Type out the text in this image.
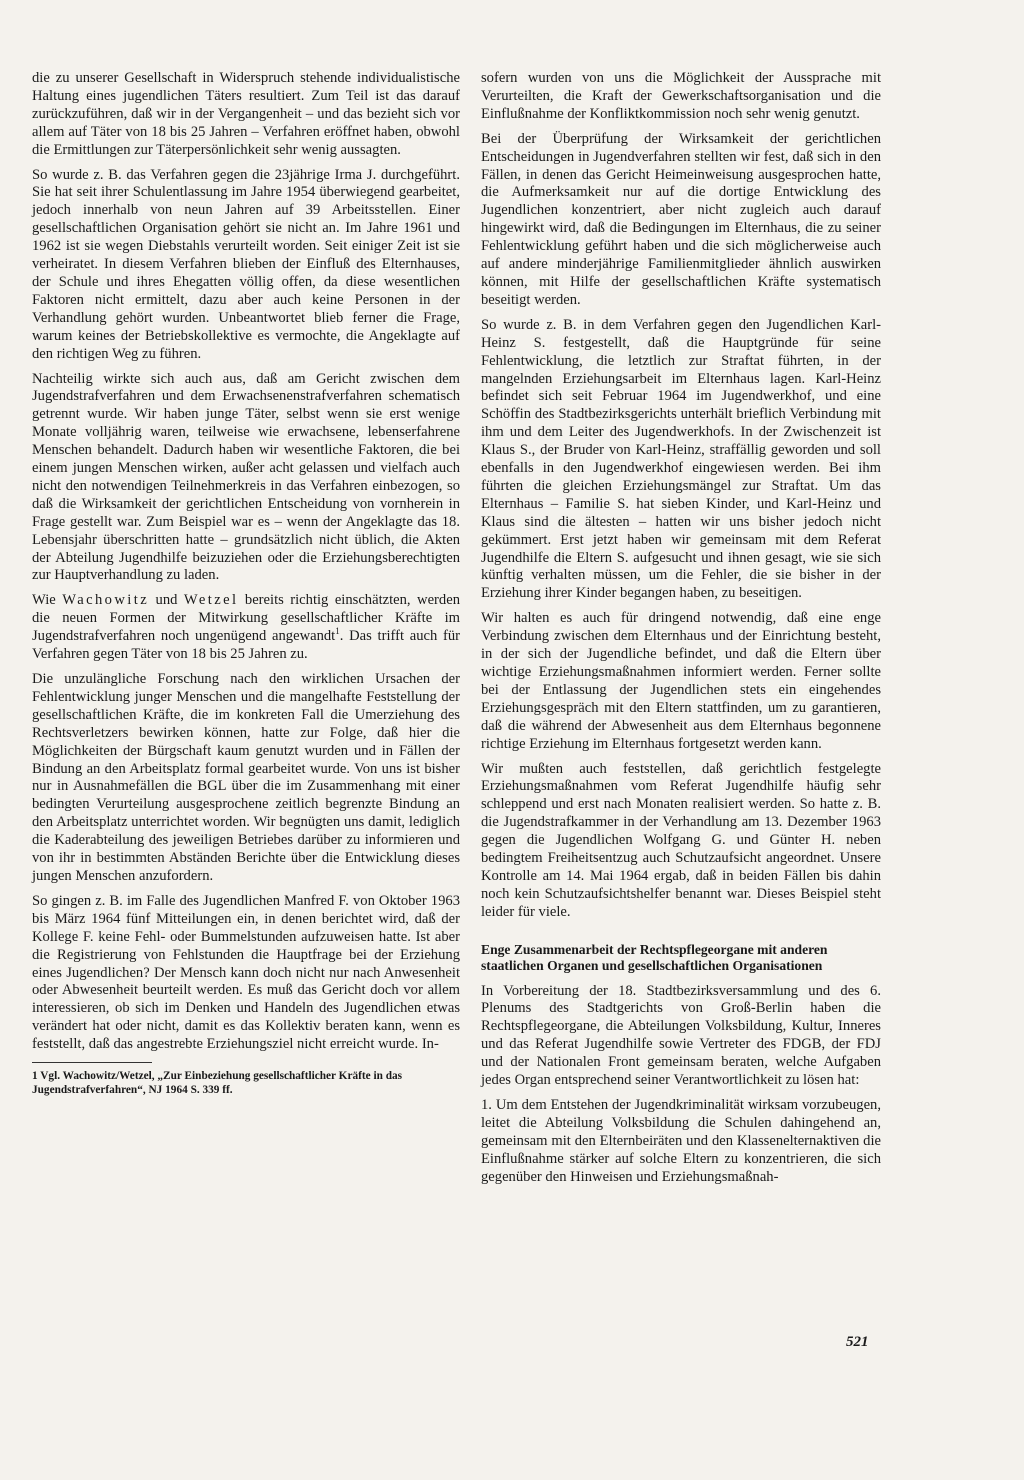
die zu unserer Gesellschaft in Widerspruch stehende individualistische Haltung eines jugendlichen Täters resultiert. Zum Teil ist das darauf zurückzuführen, daß wir in der Vergangenheit – und das bezieht sich vor allem auf Täter von 18 bis 25 Jahren – Verfahren eröffnet haben, obwohl die Ermittlungen zur Täterpersönlichkeit sehr wenig aussagten.

So wurde z. B. das Verfahren gegen die 23jährige Irma J. durchgeführt. Sie hat seit ihrer Schulentlassung im Jahre 1954 überwiegend gearbeitet, jedoch innerhalb von neun Jahren auf 39 Arbeitsstellen. Einer gesellschaftlichen Organisation gehört sie nicht an. Im Jahre 1961 und 1962 ist sie wegen Diebstahls verurteilt worden. Seit einiger Zeit ist sie verheiratet. In diesem Verfahren blieben der Einfluß des Elternhauses, der Schule und ihres Ehegatten völlig offen, da diese wesentlichen Faktoren nicht ermittelt, dazu aber auch keine Personen in der Verhandlung gehört wurden. Unbeantwortet blieb ferner die Frage, warum keines der Betriebskollektive es vermochte, die Angeklagte auf den richtigen Weg zu führen.

Nachteilig wirkte sich auch aus, daß am Gericht zwischen dem Jugendstrafverfahren und dem Erwachsenenstrafverfahren schematisch getrennt wurde. Wir haben junge Täter, selbst wenn sie erst wenige Monate volljährig waren, teilweise wie erwachsene, lebenserfahrene Menschen behandelt. Dadurch haben wir wesentliche Faktoren, die bei einem jungen Menschen wirken, außer acht gelassen und vielfach auch nicht den notwendigen Teilnehmerkreis in das Verfahren einbezogen, so daß die Wirksamkeit der gerichtlichen Entscheidung von vornherein in Frage gestellt war. Zum Beispiel war es – wenn der Angeklagte das 18. Lebensjahr überschritten hatte – grundsätzlich nicht üblich, die Akten der Abteilung Jugendhilfe beizuziehen oder die Erziehungsberechtigten zur Hauptverhandlung zu laden.

Wie Wachowitz und Wetzel bereits richtig einschätzten, werden die neuen Formen der Mitwirkung gesellschaftlicher Kräfte im Jugendstrafverfahren noch ungenügend angewandt$^1$. Das trifft auch für Verfahren gegen Täter von 18 bis 25 Jahren zu.

Die unzulängliche Forschung nach den wirklichen Ursachen der Fehlentwicklung junger Menschen und die mangelhafte Feststellung der gesellschaftlichen Kräfte, die im konkreten Fall die Umerziehung des Rechtsverletzers bewirken können, hatte zur Folge, daß hier die Möglichkeiten der Bürgschaft kaum genutzt wurden und in Fällen der Bindung an den Arbeitsplatz formal gearbeitet wurde. Von uns ist bisher nur in Ausnahmefällen die BGL über die im Zusammenhang mit einer bedingten Verurteilung ausgesprochene zeitlich begrenzte Bindung an den Arbeitsplatz unterrichtet worden. Wir begnügten uns damit, lediglich die Kaderabteilung des jeweiligen Betriebes darüber zu informieren und von ihr in bestimmten Abständen Berichte über die Entwicklung dieses jungen Menschen anzufordern.

So gingen z. B. im Falle des Jugendlichen Manfred F. von Oktober 1963 bis März 1964 fünf Mitteilungen ein, in denen berichtet wird, daß der Kollege F. keine Fehl- oder Bummelstunden aufzuweisen hatte. Ist aber die Registrierung von Fehlstunden die Hauptfrage bei der Erziehung eines Jugendlichen? Der Mensch kann doch nicht nur nach Anwesenheit oder Abwesenheit beurteilt werden. Es muß das Gericht doch vor allem interessieren, ob sich im Denken und Handeln des Jugendlichen etwas verändert hat oder nicht, damit es das Kollektiv beraten kann, wenn es feststellt, daß das angestrebte Erziehungsziel nicht erreicht wurde. In-

1 Vgl. Wachowitz/Wetzel, „Zur Einbeziehung gesellschaftlicher Kräfte in das Jugendstrafverfahren“, NJ 1964 S. 339 ff.

sofern wurden von uns die Möglichkeit der Aussprache mit Verurteilten, die Kraft der Gewerkschaftsorganisation und die Einflußnahme der Konfliktkommission noch sehr wenig genutzt.

Bei der Überprüfung der Wirksamkeit der gerichtlichen Entscheidungen in Jugendverfahren stellten wir fest, daß sich in den Fällen, in denen das Gericht Heimeinweisung ausgesprochen hatte, die Aufmerksamkeit nur auf die dortige Entwicklung des Jugendlichen konzentriert, aber nicht zugleich auch darauf hingewirkt wird, daß die Bedingungen im Elternhaus, die zu seiner Fehlentwicklung geführt haben und die sich möglicherweise auch auf andere minderjährige Familienmitglieder ähnlich auswirken können, mit Hilfe der gesellschaftlichen Kräfte systematisch beseitigt werden.

So wurde z. B. in dem Verfahren gegen den Jugendlichen Karl-Heinz S. festgestellt, daß die Hauptgründe für seine Fehlentwicklung, die letztlich zur Straftat führten, in der mangelnden Erziehungsarbeit im Elternhaus lagen. Karl-Heinz befindet sich seit Februar 1964 im Jugendwerkhof, und eine Schöffin des Stadtbezirksgerichts unterhält brieflich Verbindung mit ihm und dem Leiter des Jugendwerkhofs. In der Zwischenzeit ist Klaus S., der Bruder von Karl-Heinz, straffällig geworden und soll ebenfalls in den Jugendwerkhof eingewiesen werden. Bei ihm führten die gleichen Erziehungsmängel zur Straftat. Um das Elternhaus – Familie S. hat sieben Kinder, und Karl-Heinz und Klaus sind die ältesten – hatten wir uns bisher jedoch nicht gekümmert. Erst jetzt haben wir gemeinsam mit dem Referat Jugendhilfe die Eltern S. aufgesucht und ihnen gesagt, wie sie sich künftig verhalten müssen, um die Fehler, die sie bisher in der Erziehung ihrer Kinder begangen haben, zu beseitigen.

Wir halten es auch für dringend notwendig, daß eine enge Verbindung zwischen dem Elternhaus und der Einrichtung besteht, in der sich der Jugendliche befindet, und daß die Eltern über wichtige Erziehungsmaßnahmen informiert werden. Ferner sollte bei der Entlassung der Jugendlichen stets ein eingehendes Erziehungsgespräch mit den Eltern stattfinden, um zu garantieren, daß die während der Abwesenheit aus dem Elternhaus begonnene richtige Erziehung im Elternhaus fortgesetzt werden kann.

Wir mußten auch feststellen, daß gerichtlich festgelegte Erziehungsmaßnahmen vom Referat Jugendhilfe häufig sehr schleppend und erst nach Monaten realisiert werden. So hatte z. B. die Jugendstrafkammer in der Verhandlung am 13. Dezember 1963 gegen die Jugendlichen Wolfgang G. und Günter H. neben bedingtem Freiheitsentzug auch Schutzaufsicht angeordnet. Unsere Kontrolle am 14. Mai 1964 ergab, daß in beiden Fällen bis dahin noch kein Schutzaufsichtshelfer benannt war. Dieses Beispiel steht leider für viele.

Enge Zusammenarbeit der Rechtspflegeorgane mit anderen staatlichen Organen und gesellschaftlichen Organisationen

In Vorbereitung der 18. Stadtbezirksversammlung und des 6. Plenums des Stadtgerichts von Groß-Berlin haben die Rechtspflegeorgane, die Abteilungen Volksbildung, Kultur, Inneres und das Referat Jugendhilfe sowie Vertreter des FDGB, der FDJ und der Nationalen Front gemeinsam beraten, welche Aufgaben jedes Organ entsprechend seiner Verantwortlichkeit zu lösen hat:

1. Um dem Entstehen der Jugendkriminalität wirksam vorzubeugen, leitet die Abteilung Volksbildung die Schulen dahingehend an, gemeinsam mit den Elternbeiräten und den Klassenelternaktiven die Einflußnahme stärker auf solche Eltern zu konzentrieren, die sich gegenüber den Hinweisen und Erziehungsmaßnah-

521
